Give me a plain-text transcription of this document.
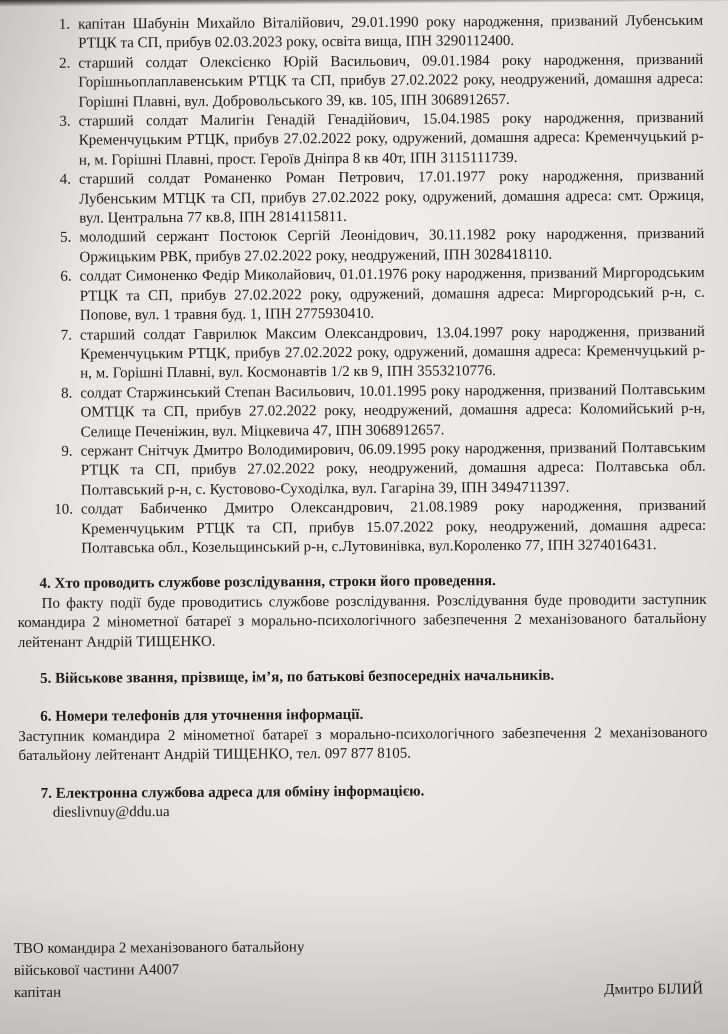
1. капітан Шабунін Михайло Віталійович, 29.01.1990 року народження, призваний Лубенським РТЦК та СП, прибув 02.03.2023 року, освіта вища, ІПН 3290112400.
2. старший солдат Олексієнко Юрій Васильович, 09.01.1984 року народження, призваний Горішньоплаплавенським РТЦК та СП, прибув 27.02.2022 року, неодружений, домашня адреса: Горішні Плавні, вул. Добровольського 39, кв. 105, ІПН 3068912657.
3. старший солдат Малигін Генадій Генадійович, 15.04.1985 року народження, призваний Кременчуцьким РТЦК, прибув 27.02.2022 року, одружений, домашня адреса: Кременчуцький р-н, м. Горішні Плавні, прост. Героїв Дніпра 8 кв 40т, ІПН 3115111739.
4. старший солдат Романенко Роман Петрович, 17.01.1977 року народження, призваний Лубенським МТЦК та СП, прибув 27.02.2022 року, одружений, домашня адреса: смт. Оржиця, вул. Центральна 77 кв.8, ІПН 2814115811.
5. молодший сержант Постоюк Сергій Леонідович, 30.11.1982 року народження, призваний Оржицьким РВК, прибув 27.02.2022 року, неодружений, ІПН 3028418110.
6. солдат Симоненко Федір Миколайович, 01.01.1976 року народження, призваний Миргородським РТЦК та СП, прибув 27.02.2022 року, одружений, домашня адреса: Миргородський р-н, с. Попове, вул. 1 травня буд. 1, ІПН 2775930410.
7. старший солдат Гаврилюк Максим Олександрович, 13.04.1997 року народження, призваний Кременчуцьким РТЦК, прибув 27.02.2022 року, одружений, домашня адреса: Кременчуцький р-н, м. Горішні Плавні, вул. Космонавтів 1/2 кв 9, ІПН 3553210776.
8. солдат Старжинський Степан Васильович, 10.01.1995 року народження, призваний Полтавським ОМТЦК та СП, прибув 27.02.2022 року, неодружений, домашня адреса: Коломийський р-н, Селище Печеніжин, вул. Міцкевича 47, ІПН 3068912657.
9. сержант Снітчук Дмитро Володимирович, 06.09.1995 року народження, призваний Полтавським РТЦК та СП, прибув 27.02.2022 року, неодружений, домашня адреса: Полтавська обл. Полтавський р-н, с. Кустовово-Суходілка, вул. Гагаріна 39, ІПН 3494711397.
10. солдат Бабиченко Дмитро Олександрович, 21.08.1989 року народження, призваний Кременчуцьким РТЦК та СП, прибув 15.07.2022 року, неодружений, домашня адреса: Полтавська обл., Козельщинський р-н, с.Лутовинівка, вул.Короленко 77, ІПН 3274016431.

4. Хто проводить службове розслідування, строки його проведення.

По факту події буде проводитись службове розслідування. Розслідування буде проводити заступник командира 2 мінометної батареї з морально-психологічного забезпечення 2 механізованого батальйону лейтенант Андрій ТИЩЕНКО.

5. Військове звання, прізвище, ім’я, по батькові безпосередніх начальників.

6. Номери телефонів для уточнення інформації.

Заступник командира 2 мінометної батареї з морально-психологічного забезпечення 2 механізованого батальйону лейтенант Андрій ТИЩЕНКО, тел. 097 877 8105.

7. Електронна службова адреса для обміну інформацією.

dieslivnuy@ddu.ua

ТВО командира 2 механізованого батальйону
військової частини А4007
капітан	Дмитро БІЛИЙ
